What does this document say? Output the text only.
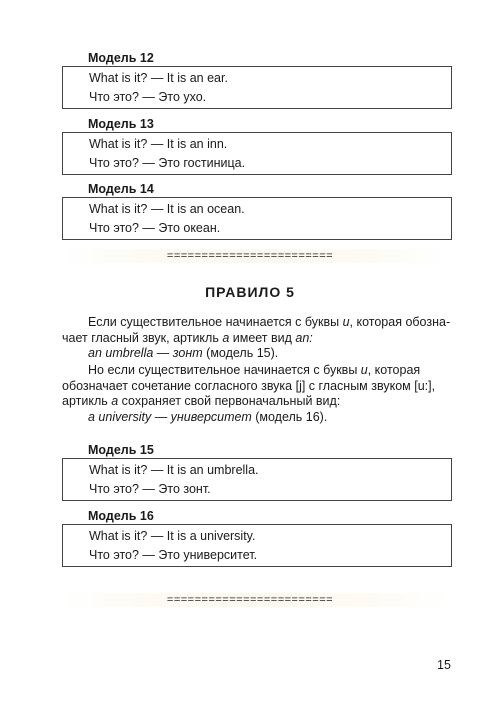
Модель 12
What is it? — It is an ear.
Что это? — Это ухо.
Модель 13
What is it? — It is an inn.
Что это? — Это гостиница.
Модель 14
What is it? — It is an ocean.
Что это? — Это океан.
========================
ПРАВИЛО 5

Если существительное начинается с буквы u, которая обозна-

чает гласный звук, артикль a имеет вид an:

an umbrella — зонт (модель 15).

Но если существительное начинается с буквы u, которая

обозначает сочетание согласного звука [j] с гласным звуком [u:],

артикль a сохраняет свой первоначальный вид:

a university — университет (модель 16).

Модель 15
What is it? — It is an umbrella.
Что это? — Это зонт.
Модель 16
What is it? — It is a university.
Что это? — Это университет.
========================
15
